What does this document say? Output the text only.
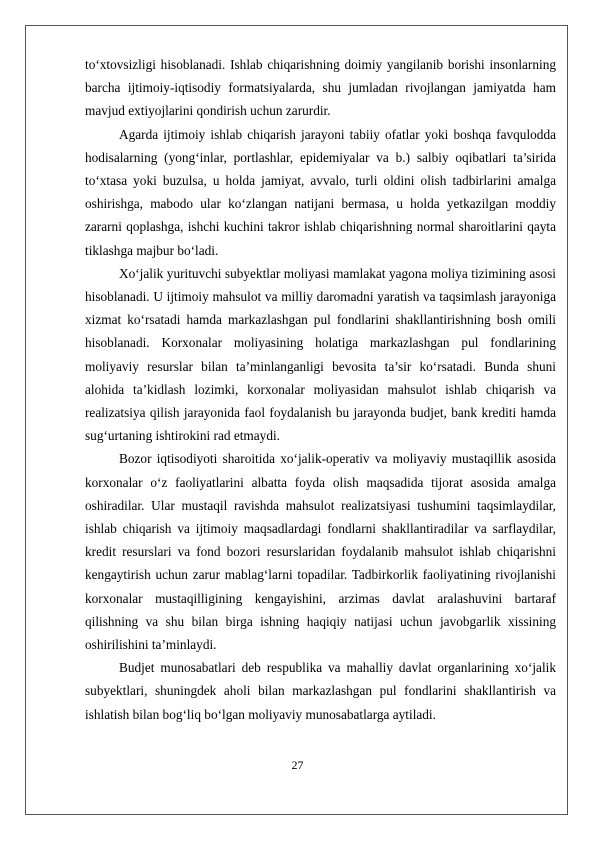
to‘xtovsizligi hisoblanadi. Ishlab chiqarishning doimiy yangilanib borishi insonlarning barcha ijtimoiy-iqtisodiy formatsiyalarda, shu jumladan rivojlangan jamiyatda ham mavjud extiyojlarini qondirish uchun zarurdir.

Agarda ijtimoiy ishlab chiqarish jarayoni tabiiy ofatlar yoki boshqa favqulodda hodisalarning (yong‘inlar, portlashlar, epidemiyalar va b.) salbiy oqibatlari ta’sirida to‘xtasa yoki buzulsa, u holda jamiyat, avvalo, turli oldini olish tadbirlarini amalga oshirishga, mabodo ular ko‘zlangan natijani bermasa, u holda yetkazilgan moddiy zararni qoplashga, ishchi kuchini takror ishlab chiqarishning normal sharoitlarini qayta tiklashga majbur bo‘ladi.

Xo‘jalik yurituvchi subyektlar moliyasi mamlakat yagona moliya tizimining asosi hisoblanadi. U ijtimoiy mahsulot va milliy daromadni yaratish va taqsimlash jarayoniga xizmat ko‘rsatadi hamda markazlashgan pul fondlarini shakllantirishning bosh omili hisoblanadi. Korxonalar moliyasining holatiga markazlashgan pul fondlarining moliyaviy resurslar bilan ta’minlanganligi bevosita ta’sir ko‘rsatadi. Bunda shuni alohida ta’kidlash lozimki, korxonalar moliyasidan mahsulot ishlab chiqarish va realizatsiya qilish jarayonida faol foydalanish bu jarayonda budjet, bank krediti hamda sug‘urtaning ishtirokini rad etmaydi.

Bozor iqtisodiyoti sharoitida xo‘jalik-operativ va moliyaviy mustaqillik asosida korxonalar o‘z faoliyatlarini albatta foyda olish maqsadida tijorat asosida amalga oshiradilar. Ular mustaqil ravishda mahsulot realizatsiyasi tushumini taqsimlaydilar, ishlab chiqarish va ijtimoiy maqsadlardagi fondlarni shakllantiradilar va sarflaydilar, kredit resurslari va fond bozori resurslaridan foydalanib mahsulot ishlab chiqarishni kengaytirish uchun zarur mablag‘larni topadilar. Tadbirkorlik faoliyatining rivojlanishi korxonalar mustaqilligining kengayishini, arzimas davlat aralashuvini bartaraf qilishning va shu bilan birga ishning haqiqiy natijasi uchun javobgarlik xissining oshirilishini ta’minlaydi.

Budjet munosabatlari deb respublika va mahalliy davlat organlarining xo‘jalik subyektlari, shuningdek aholi bilan markazlashgan pul fondlarini shakllantirish va ishlatish bilan bog‘liq bo‘lgan moliyaviy munosabatlarga aytiladi.

27
